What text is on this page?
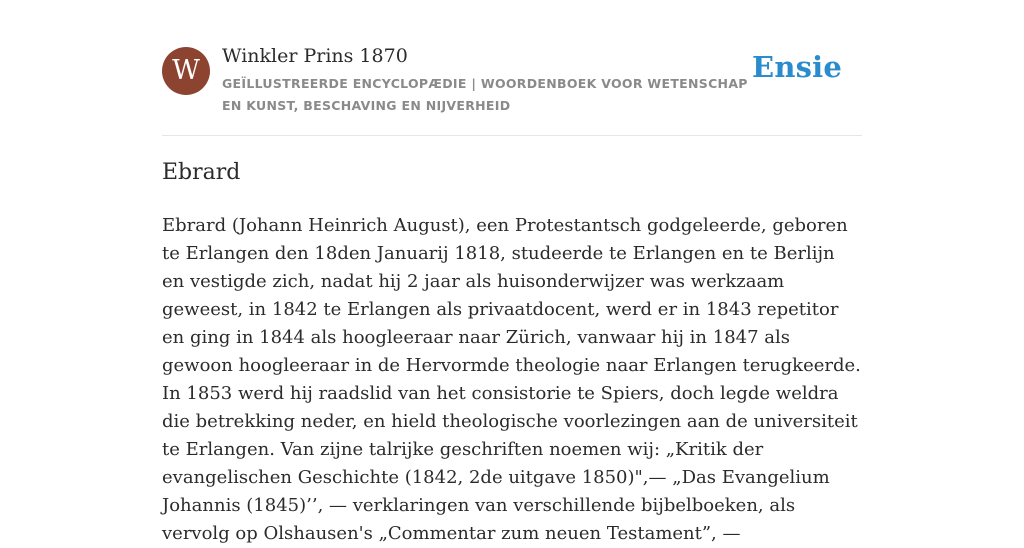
W	Winkler Prins 1870
GEÏLLUSTREERDE ENCYCLOPÆDIE | WOORDENBOEK VOOR WETENSCHAP EN KUNST, BESCHAVING EN NIJVERHEID
Ensie
Ebrard

Ebrard (Johann Heinrich August), een Protestantsch godgeleerde, geboren te Erlangen den 18den Januarij 1818, studeerde te Erlangen en te Berlijn en vestigde zich, nadat hij 2 jaar als huisonderwijzer was werkzaam geweest, in 1842 te Erlangen als privaatdocent, werd er in 1843 repetitor en ging in 1844 als hoogleeraar naar Zürich, vanwaar hij in 1847 als gewoon hoogleeraar in de Hervormde theologie naar Erlangen terugkeerde. In 1853 werd hij raadslid van het consistorie te Spiers, doch legde weldra die betrekking neder, en hield theologische voorlezingen aan de universiteit te Erlangen. Van zijne talrijke geschriften noemen wij: „Kritik der evangelischen Geschichte (1842, 2de uitgave 1850)",— „Das Evangelium Johannis (1845)’’, — verklaringen van verschillende bijbelboeken, als vervolg op Olshausen's „Commentar zum neuen Testament”, —
